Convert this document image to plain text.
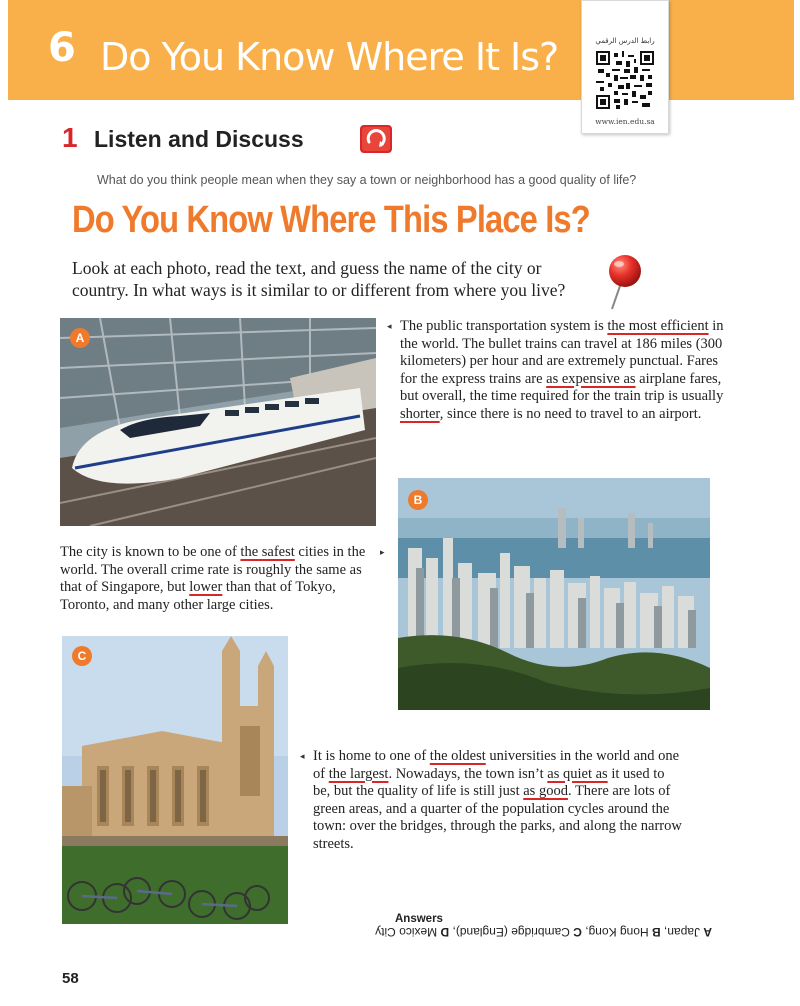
6 Do You Know Where It Is?	رابط الدرس الرقمي
www.ien.edu.sa
1 Listen and Discuss
What do you think people mean when they say a town or neighborhood has a good quality of life?
Do You Know Where This Place Is?
Look at each photo, read the text, and guess the name of the city or country. In what ways is it similar to or different from where you live?
A
◂ The public transportation system is the most efficient in the world. The bullet trains can travel at 186 miles (300 kilometers) per hour and are extremely punctual. Fares for the express trains are as expensive as airplane fares, but overall, the time required for the train trip is usually shorter, since there is no need to travel to an airport.
B
The city is known to be one of the safest cities in the world. The overall crime rate is roughly the same as that of Singapore, but lower than that of Tokyo, Toronto, and many other large cities.
▸
C
◂ It is home to one of the oldest universities in the world and one of the largest. Nowadays, the town isn’t as quiet as it used to be, but the quality of life is still just as good. There are lots of green areas, and a quarter of the population cycles around the town: over the bridges, through the parks, and along the narrow streets.
Answers
A Japan, B Hong Kong, C Cambridge (England), D Mexico City
58
